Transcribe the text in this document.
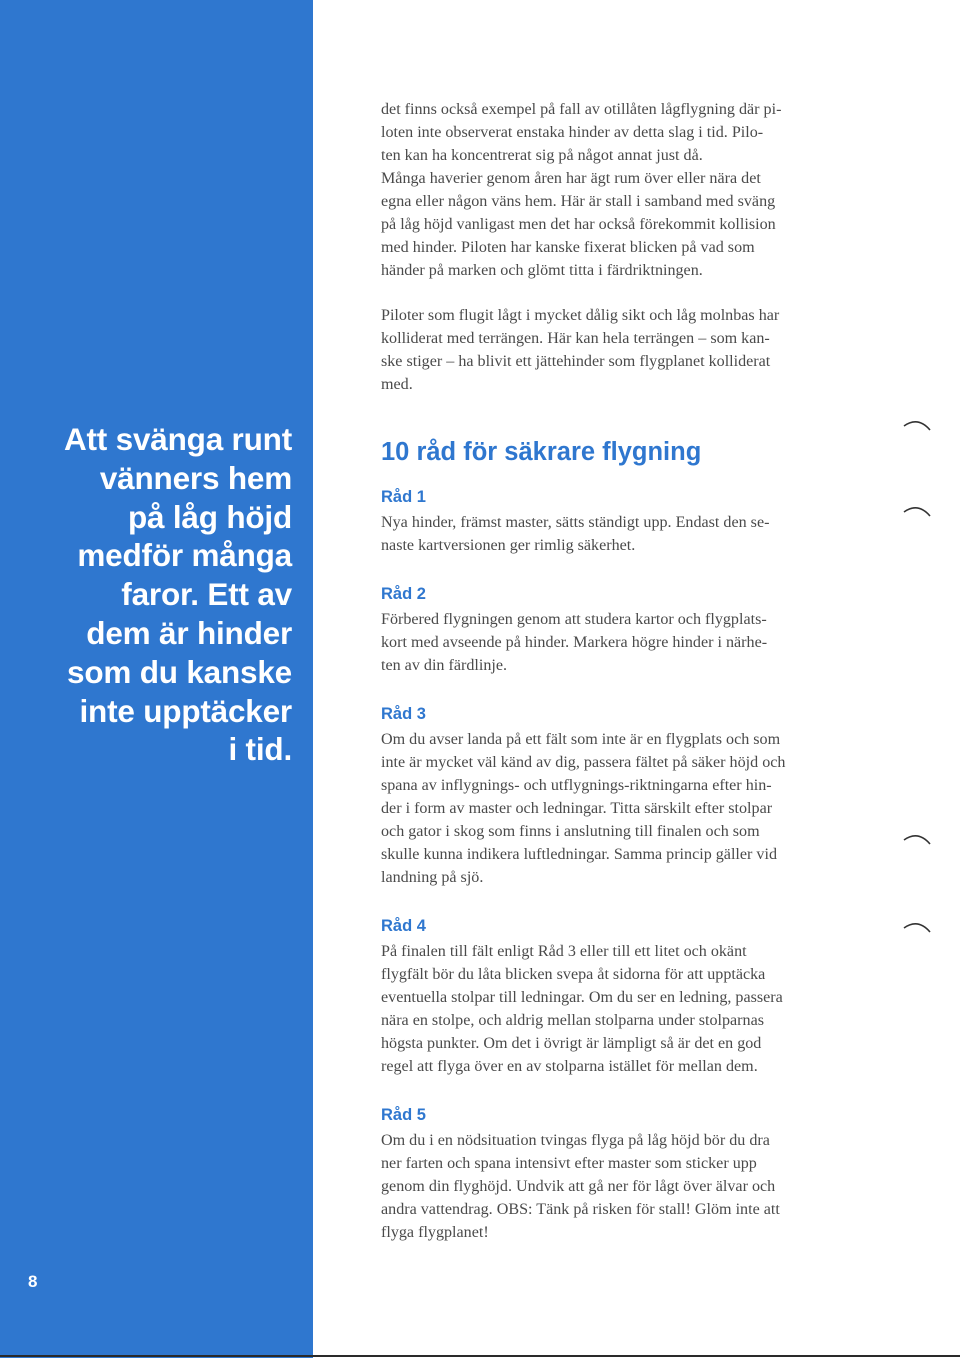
Att svänga runt
vänners hem
på låg höjd
medför många
faror. Ett av
dem är hinder
som du kanske
inte upptäcker
i tid.

8

det finns också exempel på fall av otillåten lågflygning där pi-
loten inte observerat enstaka hinder av detta slag i tid. Pilo-
ten kan ha koncentrerat sig på något annat just då.
Många haverier genom åren har ägt rum över eller nära det
egna eller någon väns hem. Här är stall i samband med sväng
på låg höjd vanligast men det har också förekommit kollision
med hinder. Piloten har kanske fixerat blicken på vad som
händer på marken och glömt titta i färdriktningen.

Piloter som flugit lågt i mycket dålig sikt och låg molnbas har
kolliderat med terrängen. Här kan hela terrängen – som kan-
ske stiger – ha blivit ett jättehinder som flygplanet kolliderat
med.

10 råd för säkrare flygning
Råd 1

Nya hinder, främst master, sätts ständigt upp. Endast den se-
naste kartversionen ger rimlig säkerhet.

Råd 2

Förbered flygningen genom att studera kartor och flygplats-
kort med avseende på hinder. Markera högre hinder i närhe-
ten av din färdlinje.

Råd 3

Om du avser landa på ett fält som inte är en flygplats och som
inte är mycket väl känd av dig, passera fältet på säker höjd och
spana av inflygnings- och utflygnings-riktningarna efter hin-
der i form av master och ledningar. Titta särskilt efter stolpar
och gator i skog som finns i anslutning till finalen och som
skulle kunna indikera luftledningar. Samma princip gäller vid
landning på sjö.

Råd 4

På finalen till fält enligt Råd 3 eller till ett litet och okänt
flygfält bör du låta blicken svepa åt sidorna för att upptäcka
eventuella stolpar till ledningar. Om du ser en ledning, passera
nära en stolpe, och aldrig mellan stolparna under stolparnas
högsta punkter. Om det i övrigt är lämpligt så är det en god
regel att flyga över en av stolparna istället för mellan dem.

Råd 5

Om du i en nödsituation tvingas flyga på låg höjd bör du dra
ner farten och spana intensivt efter master som sticker upp
genom din flyghöjd. Undvik att gå ner för lågt över älvar och
andra vattendrag. OBS: Tänk på risken för stall! Glöm inte att
flyga flygplanet!
